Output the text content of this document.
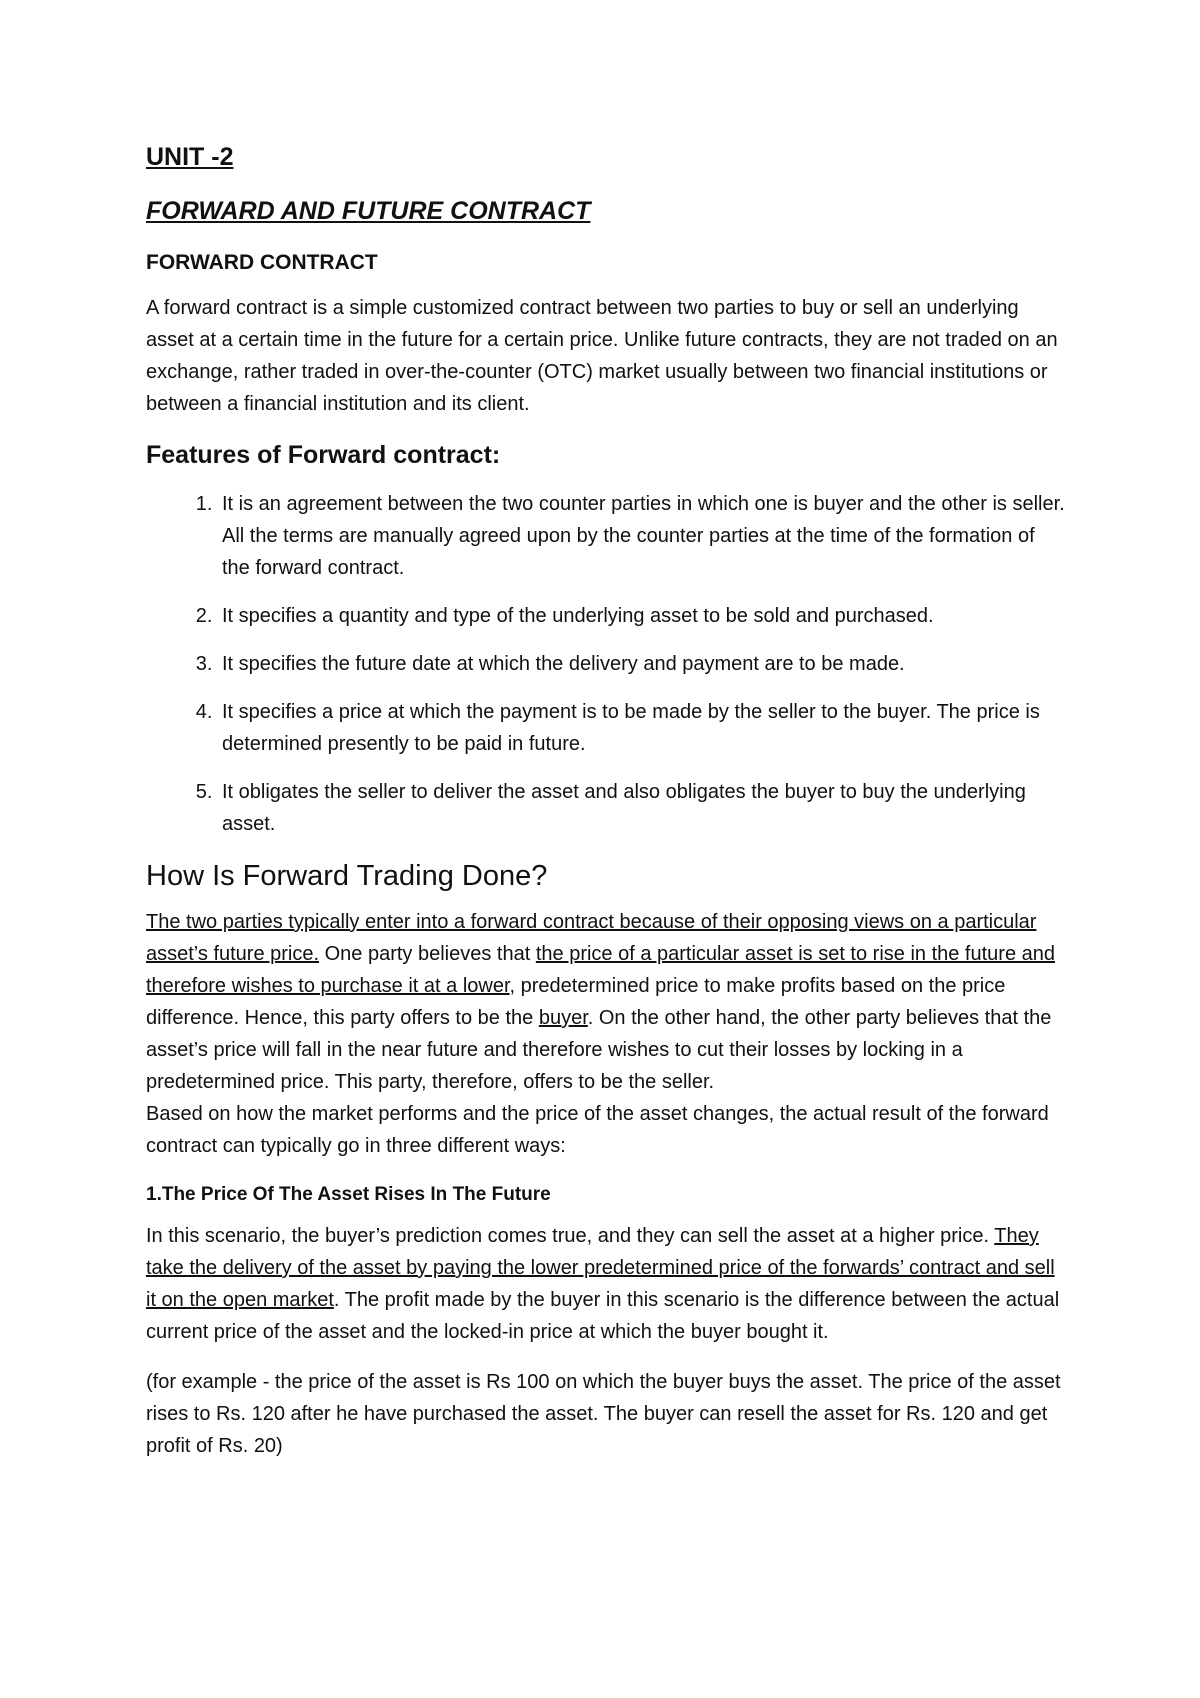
UNIT -2
FORWARD AND FUTURE CONTRACT
FORWARD CONTRACT

A forward contract is a simple customized contract between two parties to buy or sell an underlying asset at a certain time in the future for a certain price. Unlike future contracts, they are not traded on an exchange, rather traded in over-the-counter (OTC) market usually between two financial institutions or between a financial institution and its client.

Features of Forward contract:
1. It is an agreement between the two counter parties in which one is buyer and the other is seller. All the terms are manually agreed upon by the counter parties at the time of the formation of the forward contract.
2. It specifies a quantity and type of the underlying asset to be sold and purchased.
3. It specifies the future date at which the delivery and payment are to be made.
4. It specifies a price at which the payment is to be made by the seller to the buyer. The price is determined presently to be paid in future.
5. It obligates the seller to deliver the asset and also obligates the buyer to buy the underlying asset.
How Is Forward Trading Done?

The two parties typically enter into a forward contract because of their opposing views on a particular asset’s future price. One party believes that the price of a particular asset is set to rise in the future and therefore wishes to purchase it at a lower, predetermined price to make profits based on the price difference. Hence, this party offers to be the buyer. On the other hand, the other party believes that the asset’s price will fall in the near future and therefore wishes to cut their losses by locking in a predetermined price. This party, therefore, offers to be the seller.

Based on how the market performs and the price of the asset changes, the actual result of the forward contract can typically go in three different ways:

1.The Price Of The Asset Rises In The Future

In this scenario, the buyer’s prediction comes true, and they can sell the asset at a higher price. They take the delivery of the asset by paying the lower predetermined price of the forwards’ contract and sell it on the open market. The profit made by the buyer in this scenario is the difference between the actual current price of the asset and the locked-in price at which the buyer bought it.

(for example - the price of the asset is Rs 100 on which the buyer buys the asset. The price of the asset rises to Rs. 120 after he have purchased the asset. The buyer can resell the asset for Rs. 120 and get profit of Rs. 20)
